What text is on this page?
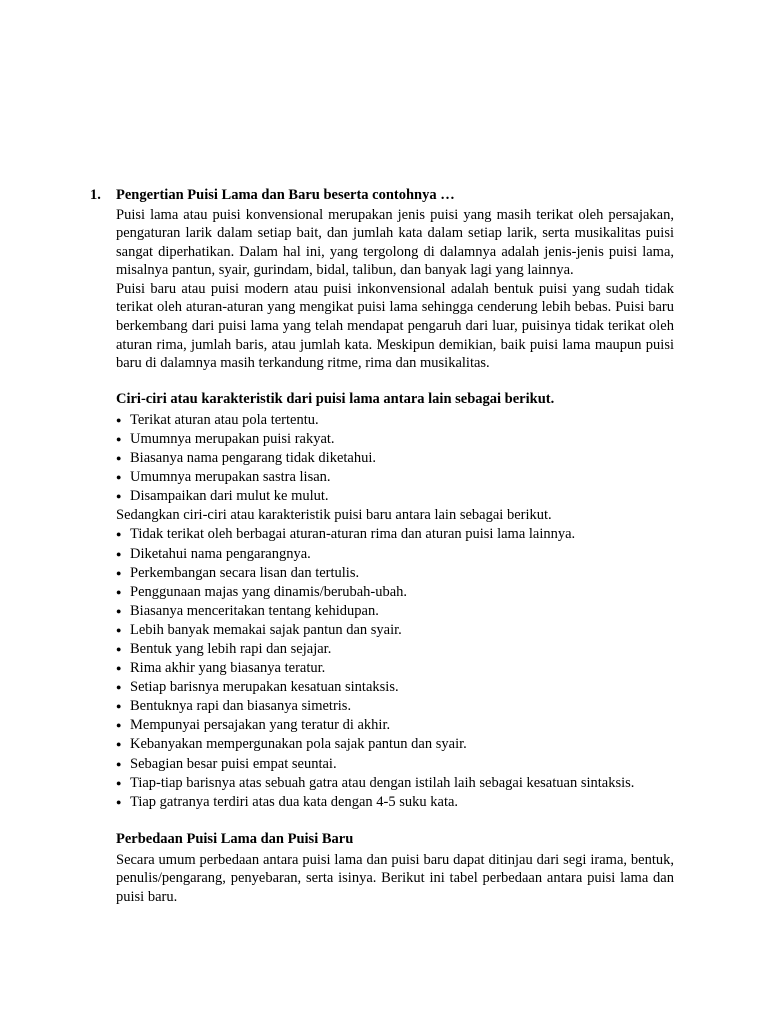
1.	Pengertian Puisi Lama dan Baru beserta contohnya …

Puisi lama atau puisi konvensional merupakan jenis puisi yang masih terikat oleh persajakan, pengaturan larik dalam setiap bait, dan jumlah kata dalam setiap larik, serta musikalitas puisi sangat diperhatikan. Dalam hal ini, yang tergolong di dalamnya adalah jenis-jenis puisi lama, misalnya pantun, syair, gurindam, bidal, talibun, dan banyak lagi yang lainnya.

Puisi baru atau puisi modern atau puisi inkonvensional adalah bentuk puisi yang sudah tidak terikat oleh aturan-aturan yang mengikat puisi lama sehingga cenderung lebih bebas. Puisi baru berkembang dari puisi lama yang telah mendapat pengaruh dari luar, puisinya tidak terikat oleh aturan rima, jumlah baris, atau jumlah kata. Meskipun demikian, baik puisi lama maupun puisi baru di dalamnya masih terkandung ritme, rima dan musikalitas.

Ciri-ciri atau karakteristik dari puisi lama antara lain sebagai berikut.
● Terikat aturan atau pola tertentu.
● Umumnya merupakan puisi rakyat.
● Biasanya nama pengarang tidak diketahui.
● Umumnya merupakan sastra lisan.
● Disampaikan dari mulut ke mulut.

Sedangkan ciri-ciri atau karakteristik puisi baru antara lain sebagai berikut.

● Tidak terikat oleh berbagai aturan-aturan rima dan aturan puisi lama lainnya.
● Diketahui nama pengarangnya.
● Perkembangan secara lisan dan tertulis.
● Penggunaan majas yang dinamis/berubah-ubah.
● Biasanya menceritakan tentang kehidupan.
● Lebih banyak memakai sajak pantun dan syair.
● Bentuk yang lebih rapi dan sejajar.
● Rima akhir yang biasanya teratur.
● Setiap barisnya merupakan kesatuan sintaksis.
● Bentuknya rapi dan biasanya simetris.
● Mempunyai persajakan yang teratur di akhir.
● Kebanyakan mempergunakan pola sajak pantun dan syair.
● Sebagian besar puisi empat seuntai.
● Tiap-tiap barisnya atas sebuah gatra atau dengan istilah laih sebagai kesatuan sintaksis.
● Tiap gatranya terdiri atas dua kata dengan 4-5 suku kata.
Perbedaan Puisi Lama dan Puisi Baru

Secara umum perbedaan antara puisi lama dan puisi baru dapat ditinjau dari segi irama, bentuk, penulis/pengarang, penyebaran, serta isinya. Berikut ini tabel perbedaan antara puisi lama dan puisi baru.
